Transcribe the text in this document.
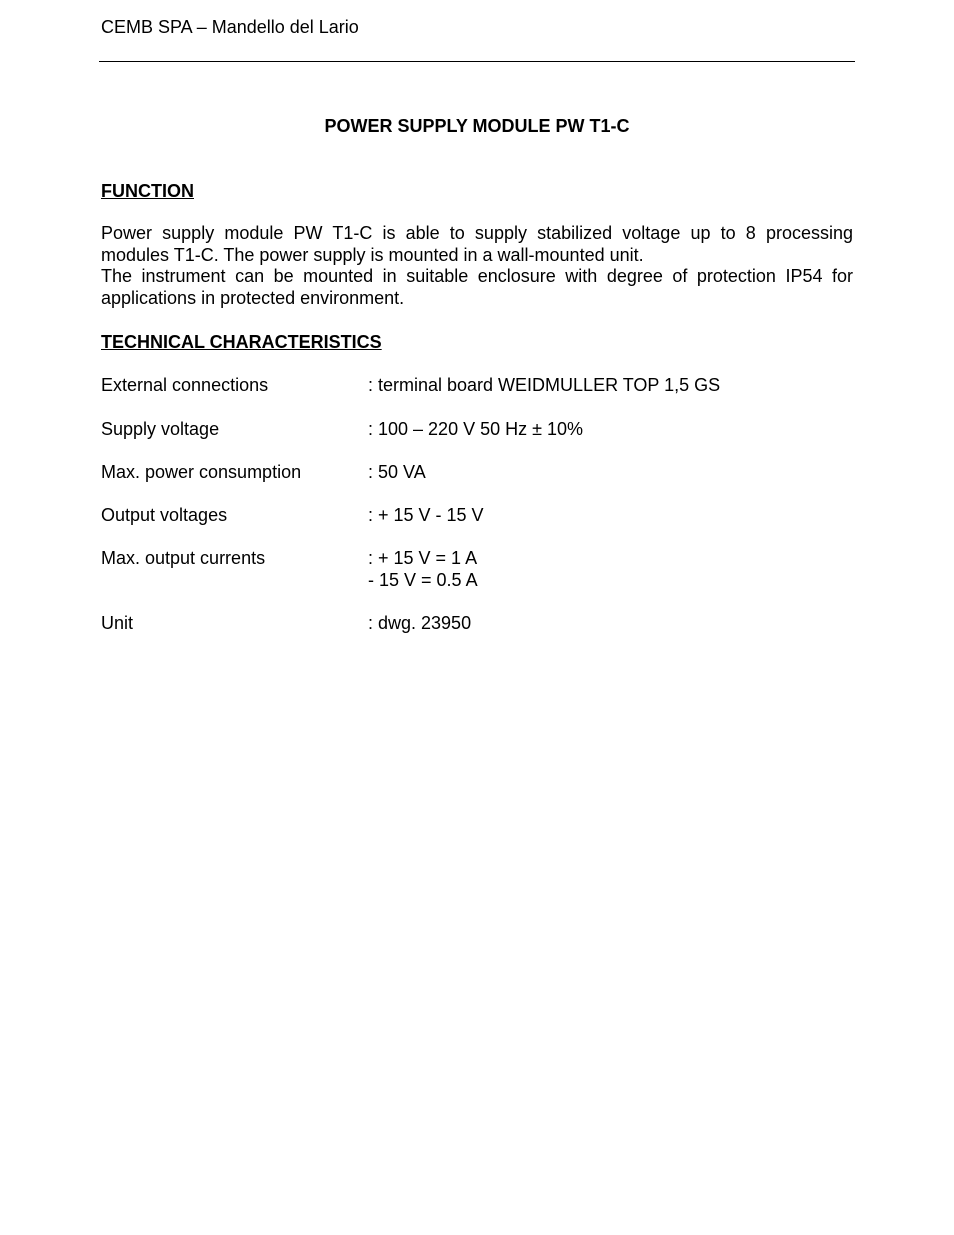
CEMB SPA – Mandello del Lario
POWER SUPPLY MODULE PW T1-C
FUNCTION

Power supply module PW T1-C is able to supply stabilized voltage up to 8 processing modules T1-C. The power supply is mounted in a wall-mounted unit.

The instrument can be mounted in suitable enclosure with degree of protection IP54 for applications in protected environment.

TECHNICAL CHARACTERISTICS
External connections	: terminal board WEIDMULLER TOP 1,5 GS
Supply voltage	: 100 – 220 V 50 Hz ± 10%
Max. power consumption	: 50 VA
Output voltages	: + 15 V - 15 V
Max. output currents	: + 15 V = 1 A
- 15 V = 0.5 A
Unit	: dwg. 23950
